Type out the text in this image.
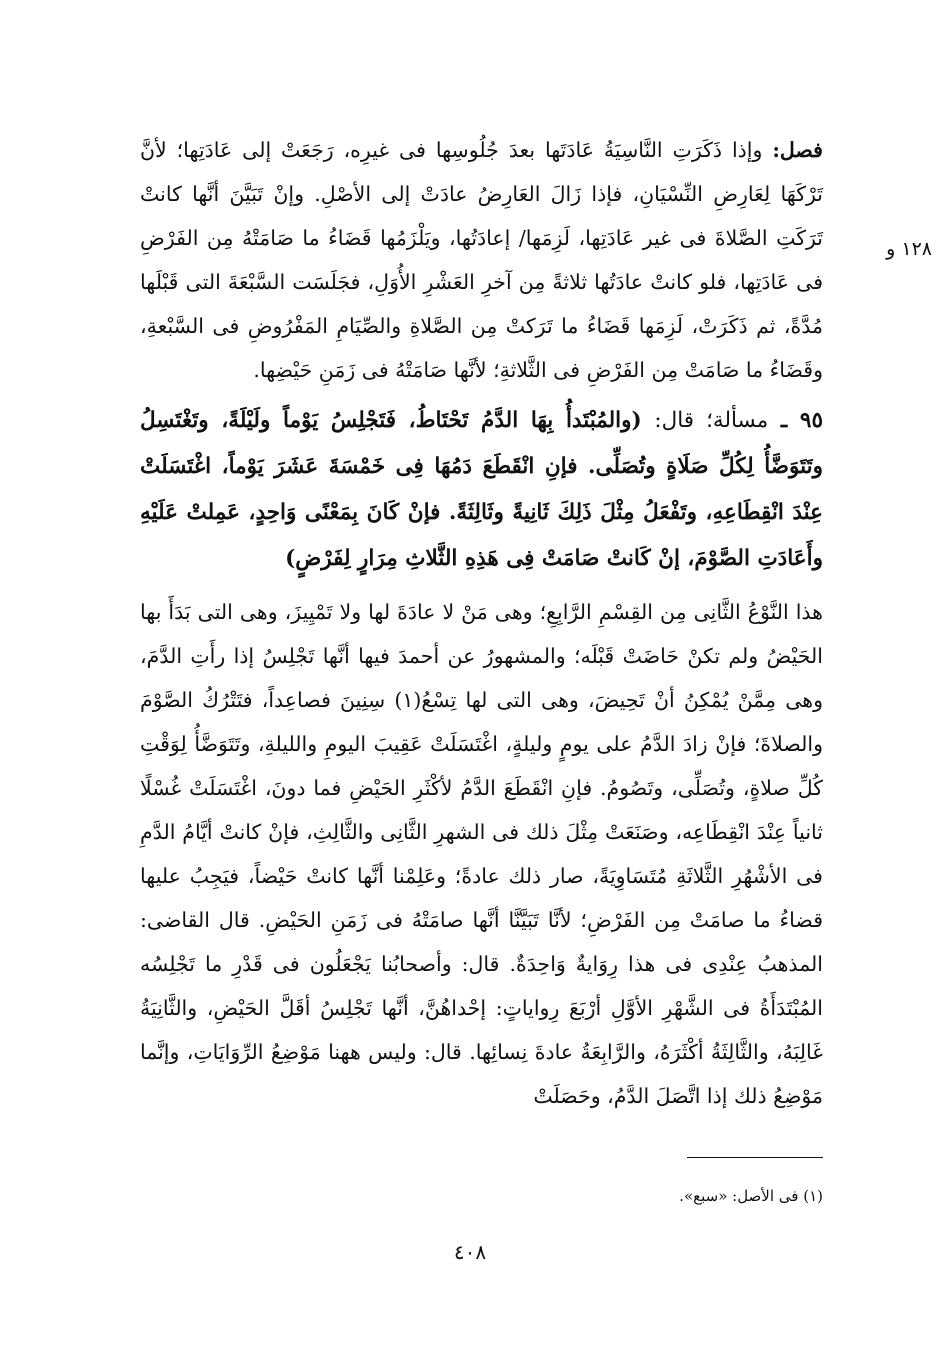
١٢٨ و

فصل: وإذا ذَكَرَتِ النَّاسِيَةُ عَادَتَها بعدَ جُلُوسِها فى غيرِه، رَجَعَتْ إلى عَادَتِها؛ لأنَّ تَرْكَهَا لِعَارِضِ النِّسْيَانِ، فإذا زَالَ العَارِضُ عادَتْ إلى الأصْلِ. وإنْ تَبَيَّنَ أنَّها كانتْ تَرَكَتِ الصَّلاةَ فى غير عَادَتِها، لَزِمَها/ إعادَتُها، ويَلْزَمُها قَضَاءُ ما صَامَتْهُ مِن الفَرْضِ فى عَادَتِها، فلو كانتْ عادَتُها ثلاثةً مِن آخرِ العَشْرِ الأُوَلِ، فجَلَسَت السَّبْعَةَ التى قَبْلَها مُدَّةً، ثم ذَكَرَتْ، لَزِمَها قَضَاءُ ما تَرَكتْ مِن الصَّلاةِ والصِّيَامِ المَفْرُوضِ فى السَّبْعةِ، وقَضَاءُ ما صَامَتْ مِن الفَرْضِ فى الثَّلاثةِ؛ لأنَّها صَامَتْهُ فى زَمَنِ حَيْضِها.

٩٥ ـ مسألة؛ قال: (والمُبْتَدأُ بِهَا الدَّمُ تَحْتَاطُ، فَتَجْلِسُ يَوْماً ولَيْلَةً، وتَغْتَسِلُ وتَتَوَضَّأُ لِكُلِّ صَلَاةٍ وتُصَلِّى. فإنِ انْقَطَعَ دَمُهَا فِى خَمْسَةَ عَشَرَ يَوْماً، اغْتَسَلَتْ عِنْدَ انْقِطَاعِهِ، وتَفْعَلُ مِثْلَ ذَلِكَ ثَانِيةً وثَالِثَةً. فإنْ كَانَ بِمَعْنًى وَاحِدٍ، عَمِلتْ عَلَيْهِ وأَعَادَتِ الصَّوْمَ، إنْ كَانتْ صَامَتْ فِى هَذِهِ الثَّلاثِ مِرَارٍ لِفَرْضٍ)

هذا النَّوْعُ الثَّانِى مِن القِسْمِ الرَّابِعِ؛ وهى مَنْ لا عادَةَ لها ولا تَمْيِيزَ، وهى التى بَدَأَ بها الحَيْضُ ولم تكنْ حَاضَتْ قَبْلَه؛ والمشهورُ عن أحمدَ فيها أنَّها تَجْلِسُ إذا رأَتِ الدَّمَ، وهى مِمَّنْ يُمْكِنُ أنْ تَحِيضَ، وهى التى لها تِسْعُ(١) سِنِينَ فصاعِداً، فتَتْرُكُ الصَّوْمَ والصلاةَ؛ فإنْ زادَ الدَّمُ على يومٍ وليلةٍ، اغْتَسَلَتْ عَقِيبَ اليومِ والليلةِ، وتَتَوَضَّأُ لِوَقْتِ كُلِّ صلاةٍ، وتُصَلِّى، وتَصُومُ. فإنِ انْقَطَعَ الدَّمُ لأكْثَرِ الحَيْضِ فما دونَ، اغْتَسَلَتْ غُسْلًا ثانياً عِنْدَ انْقِطَاعِه، وصَنَعَتْ مِثْلَ ذلك فى الشهرِ الثَّانِى والثَّالِثِ، فإنْ كانتْ أيَّامُ الدَّمِ فى الأشْهُرِ الثَّلاثَةِ مُتَسَاوِيَةً، صار ذلك عادةً؛ وعَلِمْنا أنَّها كانتْ حَيْضاً، فيَجِبُ عليها قضاءُ ما صامَتْ مِن الفَرْضِ؛ لأنَّا تَبَيَّنَّا أنَّها صامَتْهُ فى زَمَنِ الحَيْضِ. قال القاضى: المذهبُ عِنْدِى فى هذا رِوَايةٌ وَاحِدَةٌ. قال: وأصحابُنا يَجْعَلُون فى قَدْرِ ما تَجْلِسُه المُبْتَدَأَةُ فى الشَّهْرِ الأوَّلِ أرْبَعَ رِواياتٍ: إحْداهُنَّ، أنَّها تَجْلِسُ أقَلَّ الحَيْضِ، والثَّانِيَةُ غَالِبَهُ، والثَّالِثَةُ أكْثَرَهُ، والرَّابِعَةُ عادةَ نِسائِها. قال: وليس ههنا مَوْضِعُ الرِّوَايَاتِ، وإنَّما مَوْضِعُ ذلك إذا اتَّصَلَ الدَّمُ، وحَصَلَتْ

(١) فى الأصل: «سبع».
٤٠٨
